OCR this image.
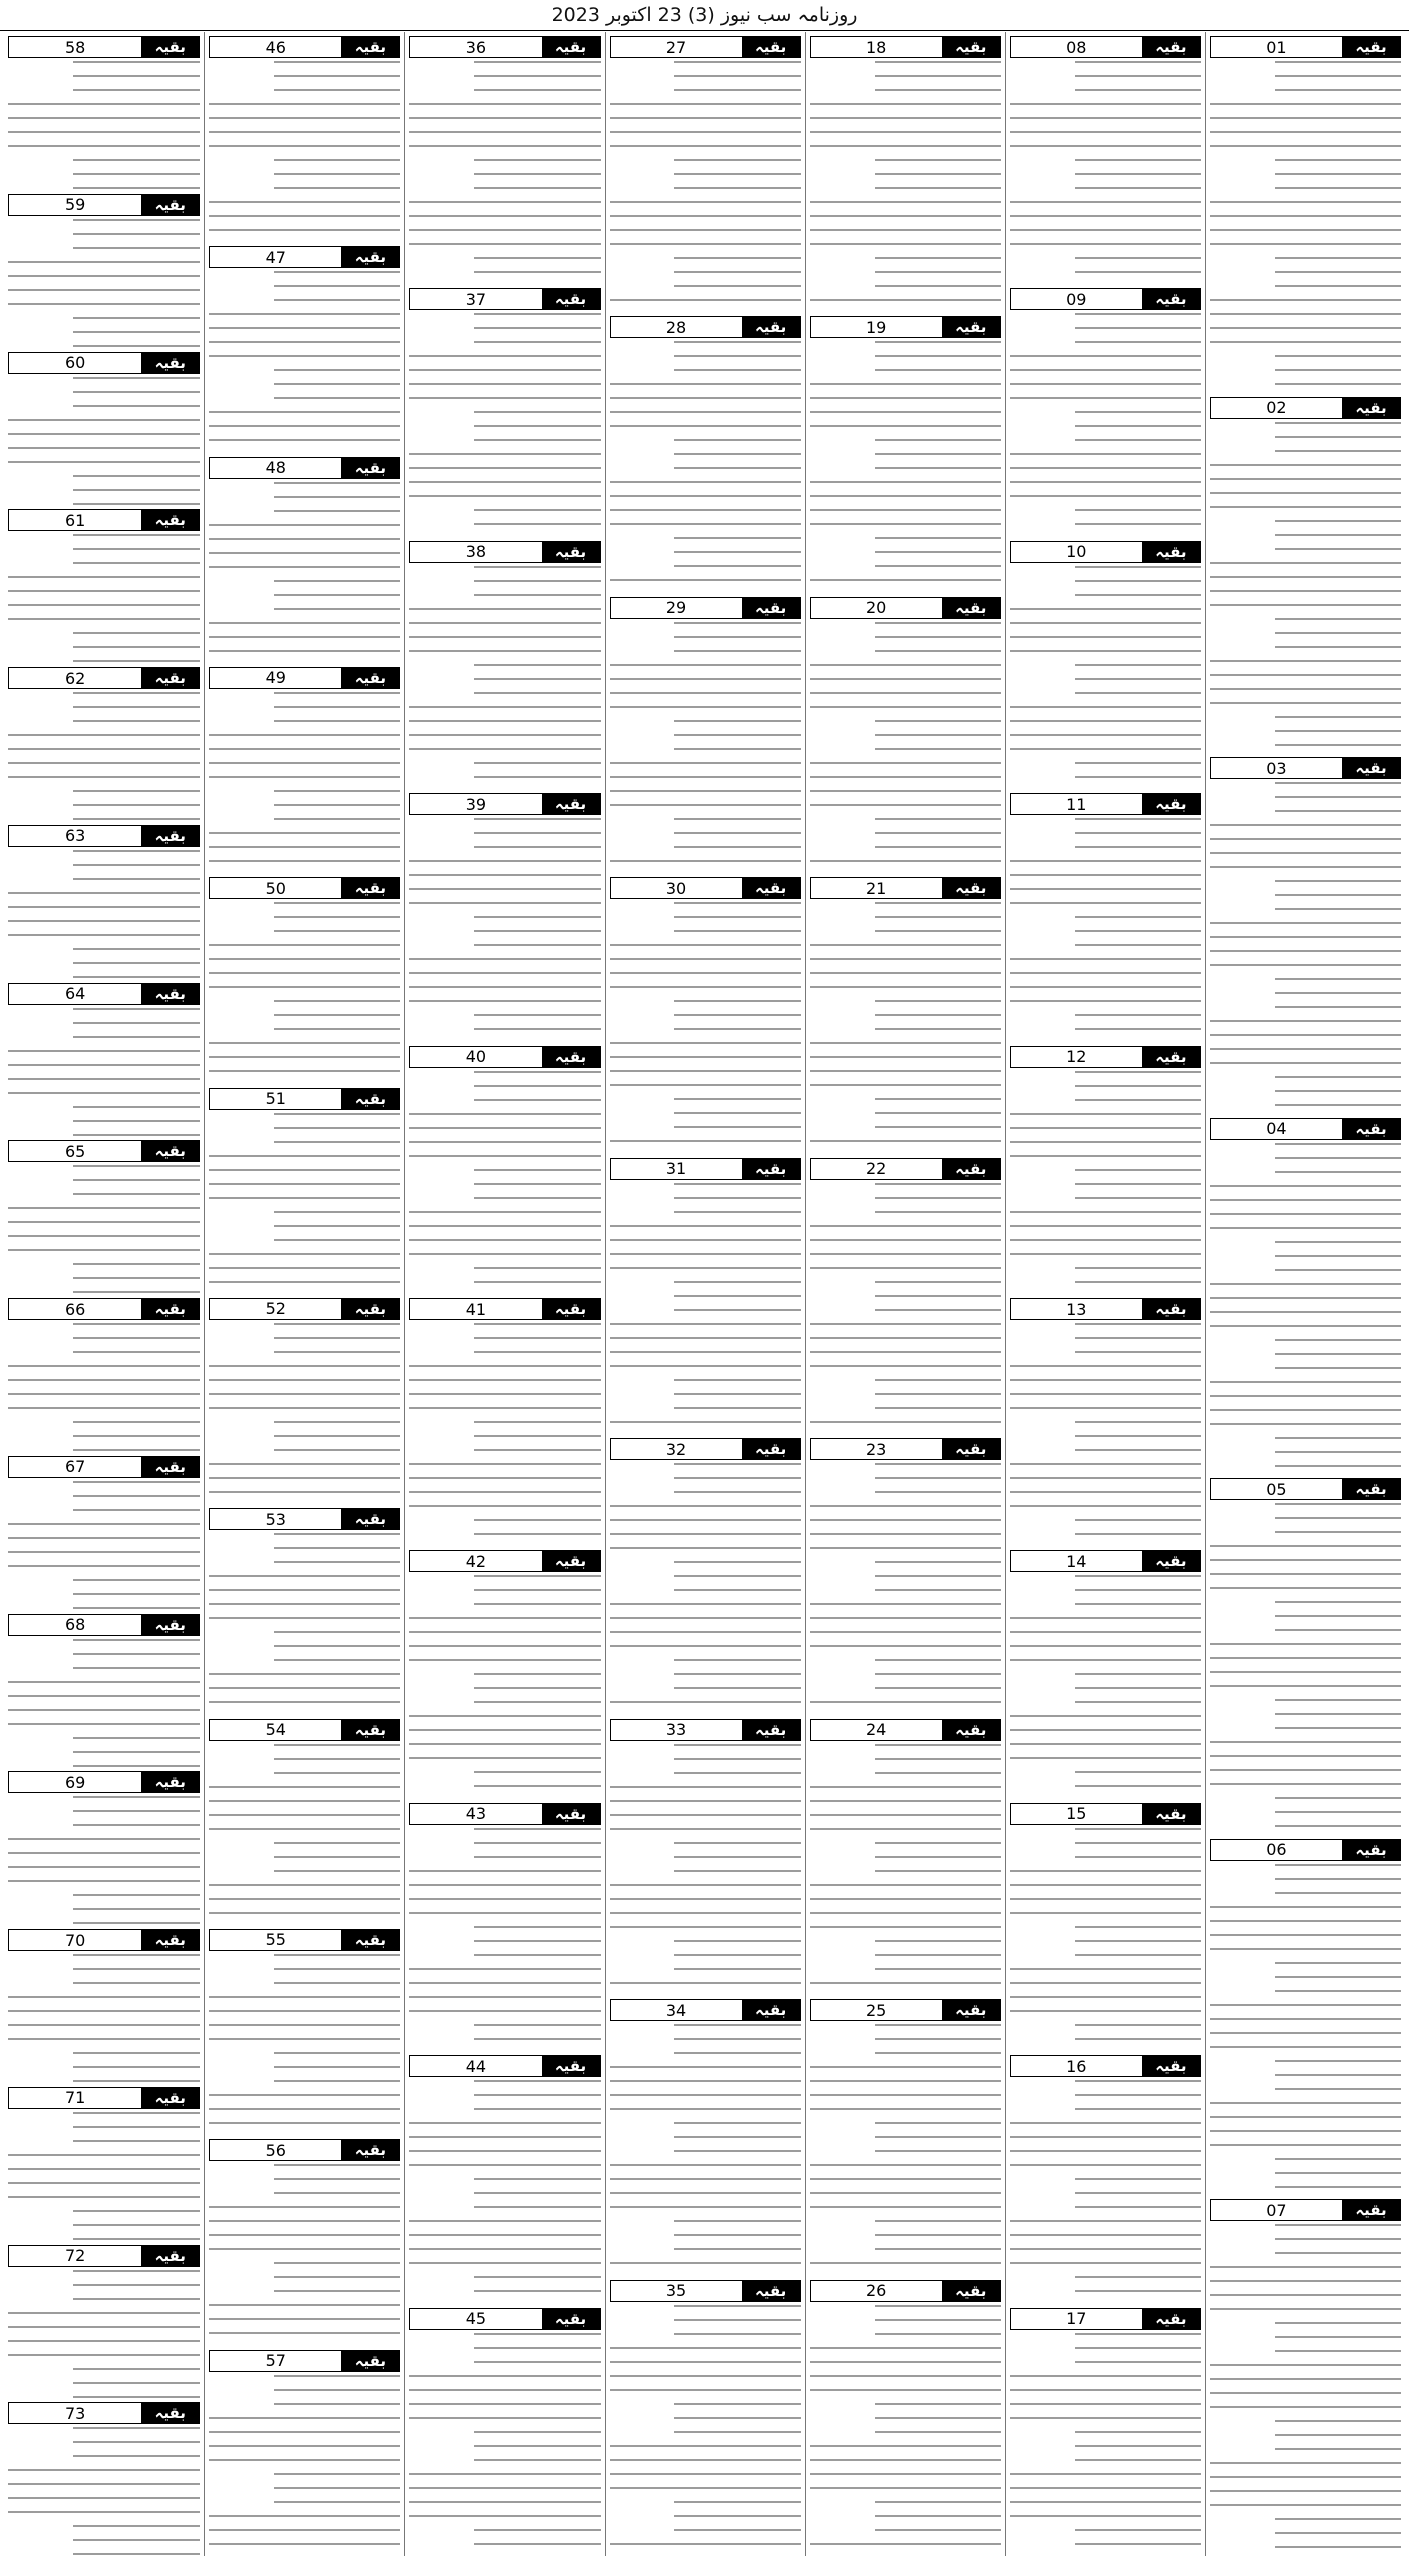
روزنامہ سب نیوز (3) 23 اکتوبر 2023
بقیہ
01
بقیہ
02
بقیہ
03
بقیہ
04
بقیہ
05
بقیہ
06
بقیہ
07
بقیہ
08
بقیہ
09
بقیہ
10
بقیہ
11
بقیہ
12
بقیہ
13
بقیہ
14
بقیہ
15
بقیہ
16
بقیہ
17
بقیہ
18
بقیہ
19
بقیہ
20
بقیہ
21
بقیہ
22
بقیہ
23
بقیہ
24
بقیہ
25
بقیہ
26
بقیہ
27
بقیہ
28
بقیہ
29
بقیہ
30
بقیہ
31
بقیہ
32
بقیہ
33
بقیہ
34
بقیہ
35
بقیہ
36
بقیہ
37
بقیہ
38
بقیہ
39
بقیہ
40
بقیہ
41
بقیہ
42
بقیہ
43
بقیہ
44
بقیہ
45
بقیہ
46
بقیہ
47
بقیہ
48
بقیہ
49
بقیہ
50
بقیہ
51
بقیہ
52
بقیہ
53
بقیہ
54
بقیہ
55
بقیہ
56
بقیہ
57
بقیہ
58
بقیہ
59
بقیہ
60
بقیہ
61
بقیہ
62
بقیہ
63
بقیہ
64
بقیہ
65
بقیہ
66
بقیہ
67
بقیہ
68
بقیہ
69
بقیہ
70
بقیہ
71
بقیہ
72
بقیہ
73
